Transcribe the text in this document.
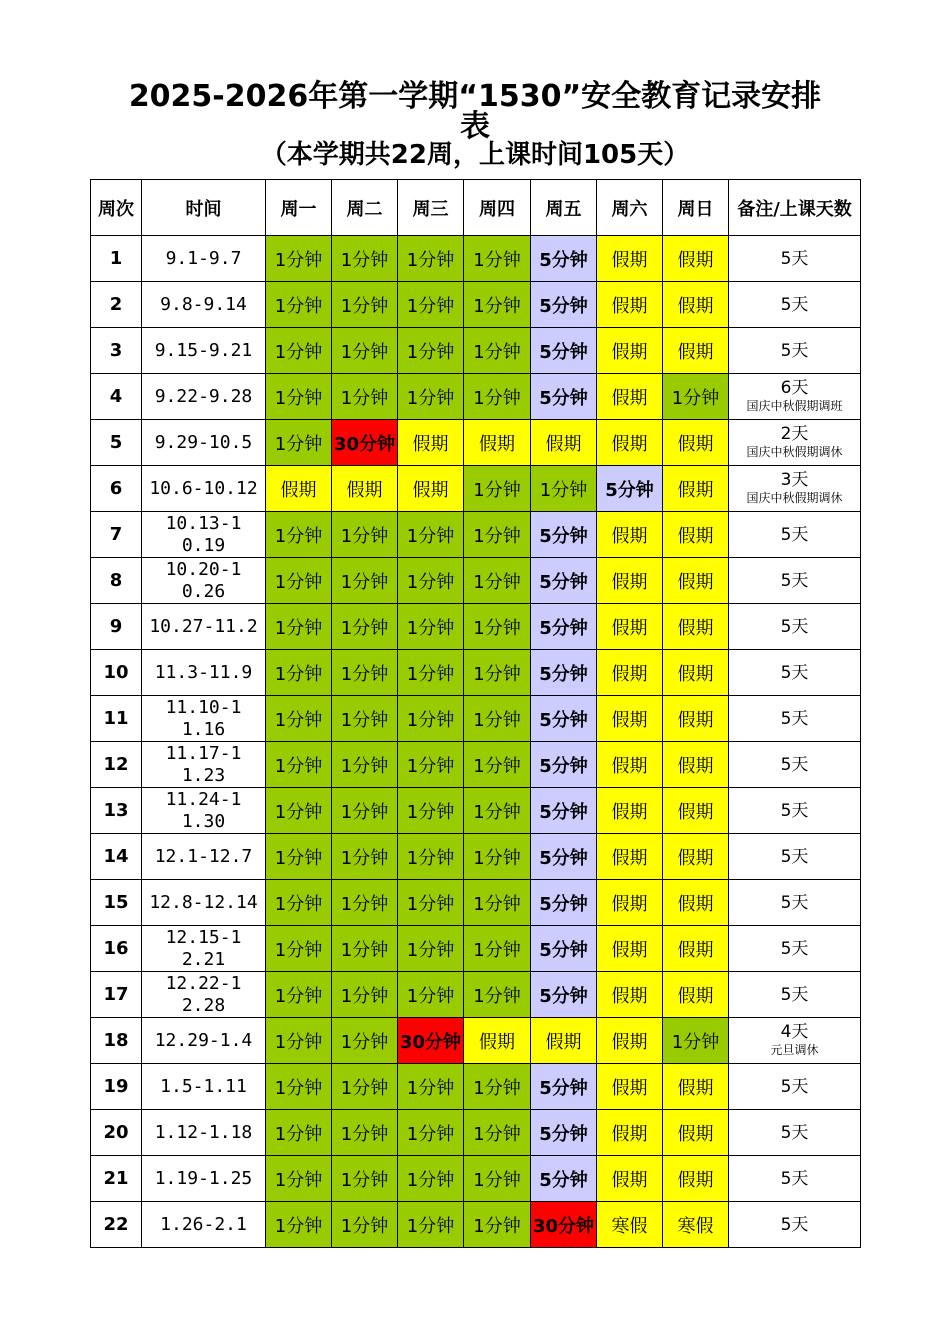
2025-2026年第一学期“1530”安全教育记录安排
表
（本学期共22周，上课时间105天）
周次	时间	周一	周二	周三	周四	周五	周六	周日	备注/上课天数
1	9.1-9.7	1分钟	1分钟	1分钟	1分钟	5分钟	假期	假期	5天

2	9.8-9.14	1分钟	1分钟	1分钟	1分钟	5分钟	假期	假期	5天

3	9.15-9.21	1分钟	1分钟	1分钟	1分钟	5分钟	假期	假期	5天

4	9.22-9.28	1分钟	1分钟	1分钟	1分钟	5分钟	假期	1分钟	6天
国庆中秋假期调班

5	9.29-10.5	1分钟	30分钟	假期	假期	假期	假期	假期	2天
国庆中秋假期调休

6	10.6-10.12	假期	假期	假期	1分钟	1分钟	5分钟	假期	3天
国庆中秋假期调休

7	10.13-10.19	1分钟	1分钟	1分钟	1分钟	5分钟	假期	假期	5天

8	10.20-10.26	1分钟	1分钟	1分钟	1分钟	5分钟	假期	假期	5天

9	10.27-11.2	1分钟	1分钟	1分钟	1分钟	5分钟	假期	假期	5天

10	11.3-11.9	1分钟	1分钟	1分钟	1分钟	5分钟	假期	假期	5天

11	11.10-11.16	1分钟	1分钟	1分钟	1分钟	5分钟	假期	假期	5天

12	11.17-11.23	1分钟	1分钟	1分钟	1分钟	5分钟	假期	假期	5天

13	11.24-11.30	1分钟	1分钟	1分钟	1分钟	5分钟	假期	假期	5天

14	12.1-12.7	1分钟	1分钟	1分钟	1分钟	5分钟	假期	假期	5天

15	12.8-12.14	1分钟	1分钟	1分钟	1分钟	5分钟	假期	假期	5天

16	12.15-12.21	1分钟	1分钟	1分钟	1分钟	5分钟	假期	假期	5天

17	12.22-12.28	1分钟	1分钟	1分钟	1分钟	5分钟	假期	假期	5天

18	12.29-1.4	1分钟	1分钟	30分钟	假期	假期	假期	1分钟	4天
元旦调休

19	1.5-1.11	1分钟	1分钟	1分钟	1分钟	5分钟	假期	假期	5天

20	1.12-1.18	1分钟	1分钟	1分钟	1分钟	5分钟	假期	假期	5天

21	1.19-1.25	1分钟	1分钟	1分钟	1分钟	5分钟	假期	假期	5天

22	1.26-2.1	1分钟	1分钟	1分钟	1分钟	30分钟	寒假	寒假	5天
